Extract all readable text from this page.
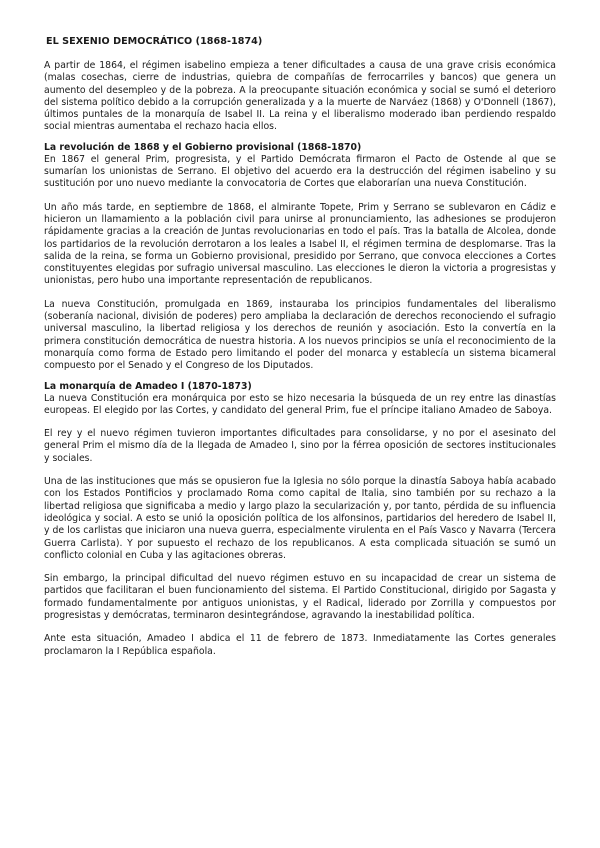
EL SEXENIO DEMOCRÁTICO (1868-1874)

A partir de 1864, el régimen isabelino empieza a tener dificultades a causa de una grave crisis económica (malas cosechas, cierre de industrias, quiebra de compañías de ferrocarriles y bancos) que genera un aumento del desempleo y de la pobreza. A la preocupante situación económica y social se sumó el deterioro del sistema político debido a la corrupción generalizada y a la muerte de Narváez (1868) y O'Donnell (1867), últimos puntales de la monarquía de Isabel II. La reina y el liberalismo moderado iban perdiendo respaldo social mientras aumentaba el rechazo hacia ellos.

La revolución de 1868 y el Gobierno provisional (1868-1870)

En 1867 el general Prim, progresista, y el Partido Demócrata firmaron el Pacto de Ostende al que se sumarían los unionistas de Serrano. El objetivo del acuerdo era la destrucción del régimen isabelino y su sustitución por uno nuevo mediante la convocatoria de Cortes que elaborarían una nueva Constitución.

Un año más tarde, en septiembre de 1868, el almirante Topete, Prim y Serrano se sublevaron en Cádiz e hicieron un llamamiento a la población civil para unirse al pronunciamiento, las adhesiones se produjeron rápidamente gracias a la creación de Juntas revolucionarias en todo el país. Tras la batalla de Alcolea, donde los partidarios de la revolución derrotaron a los leales a Isabel II, el régimen termina de desplomarse. Tras la salida de la reina, se forma un Gobierno provisional, presidido por Serrano, que convoca elecciones a Cortes constituyentes elegidas por sufragio universal masculino. Las elecciones le dieron la victoria a progresistas y unionistas, pero hubo una importante representación de republicanos.

La nueva Constitución, promulgada en 1869, instauraba los principios fundamentales del liberalismo (soberanía nacional, división de poderes) pero ampliaba la declaración de derechos reconociendo el sufragio universal masculino, la libertad religiosa y los derechos de reunión y asociación. Esto la convertía en la primera constitución democrática de nuestra historia. A los nuevos principios se unía el reconocimiento de la monarquía como forma de Estado pero limitando el poder del monarca y establecía un sistema bicameral compuesto por el Senado y el Congreso de los Diputados.

La monarquía de Amadeo I (1870-1873)

La nueva Constitución era monárquica por esto se hizo necesaria la búsqueda de un rey entre las dinastías europeas. El elegido por las Cortes, y candidato del general Prim, fue el príncipe italiano Amadeo de Saboya.

El rey y el nuevo régimen tuvieron importantes dificultades para consolidarse, y no por el asesinato del general Prim el mismo día de la llegada de Amadeo I, sino por la férrea oposición de sectores institucionales y sociales.

Una de las instituciones que más se opusieron fue la Iglesia no sólo porque la dinastía Saboya había acabado con los Estados Pontificios y proclamado Roma como capital de Italia, sino también por su rechazo a la libertad religiosa que significaba a medio y largo plazo la secularización y, por tanto, pérdida de su influencia ideológica y social. A esto se unió la oposición política de los alfonsinos, partidarios del heredero de Isabel II, y de los carlistas que iniciaron una nueva guerra, especialmente virulenta en el País Vasco y Navarra (Tercera Guerra Carlista). Y por supuesto el rechazo de los republicanos. A esta complicada situación se sumó un conflicto colonial en Cuba y las agitaciones obreras.

Sin embargo, la principal dificultad del nuevo régimen estuvo en su incapacidad de crear un sistema de partidos que facilitaran el buen funcionamiento del sistema. El Partido Constitucional, dirigido por Sagasta y formado fundamentalmente por antiguos unionistas, y el Radical, liderado por Zorrilla y compuestos por progresistas y demócratas, terminaron desintegrándose, agravando la inestabilidad política.

Ante esta situación, Amadeo I abdica el 11 de febrero de 1873. Inmediatamente las Cortes generales proclamaron la I República española.
